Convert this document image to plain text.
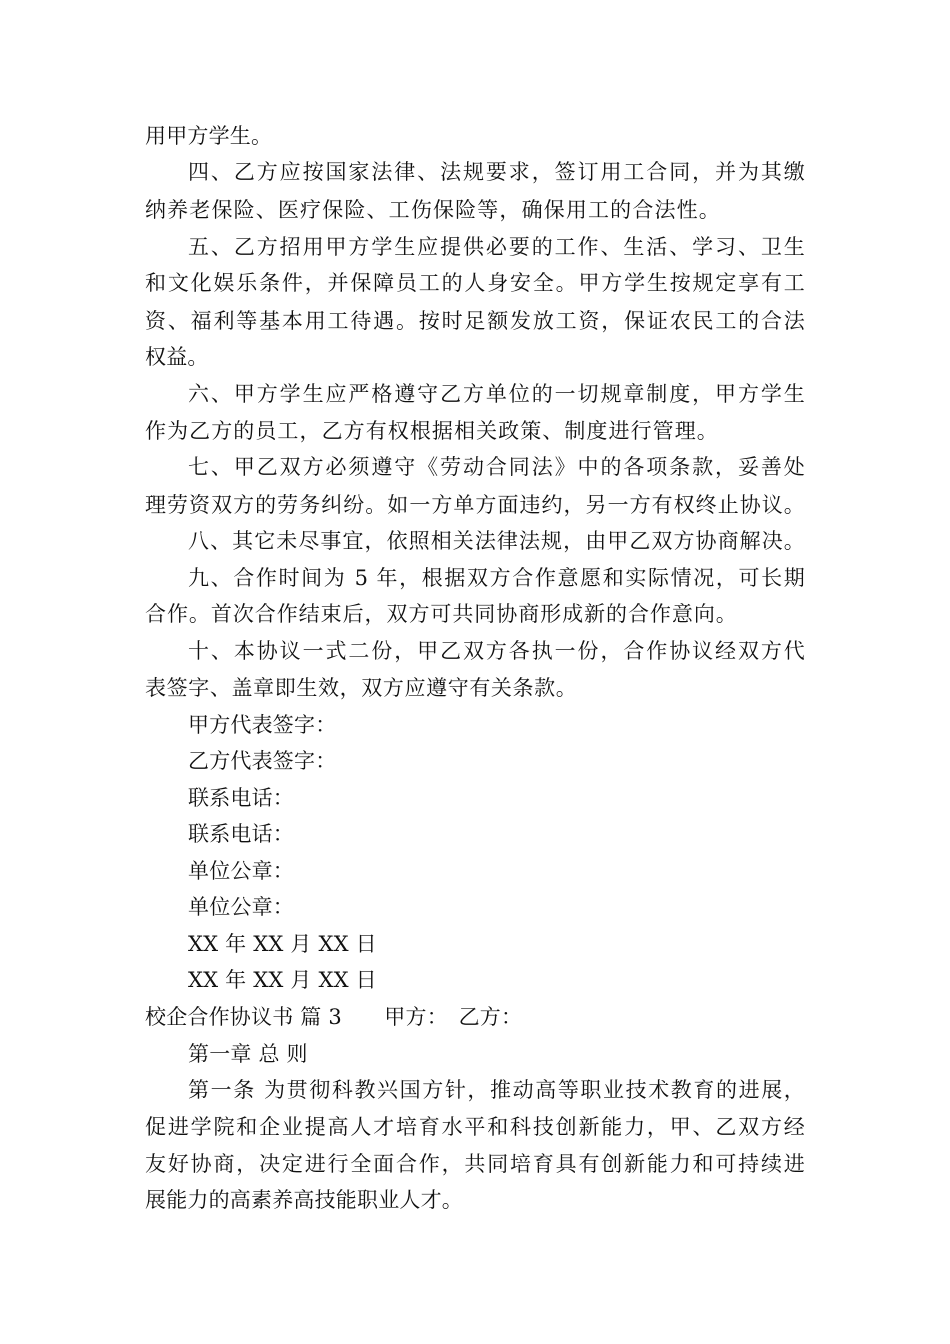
用甲方学生。
四、乙方应按国家法律、法规要求，签订用工合同，并为其缴
纳养老保险、医疗保险、工伤保险等，确保用工的合法性。
五、乙方招用甲方学生应提供必要的工作、生活、学习、卫生
和文化娱乐条件，并保障员工的人身安全。甲方学生按规定享有工
资、福利等基本用工待遇。按时足额发放工资，保证农民工的合法
权益。
六、甲方学生应严格遵守乙方单位的一切规章制度，甲方学生
作为乙方的员工，乙方有权根据相关政策、制度进行管理。
七、甲乙双方必须遵守《劳动合同法》中的各项条款，妥善处
理劳资双方的劳务纠纷。如一方单方面违约，另一方有权终止协议。
八、其它未尽事宜，依照相关法律法规，由甲乙双方协商解决。
九、合作时间为 5 年，根据双方合作意愿和实际情况，可长期
合作。首次合作结束后，双方可共同协商形成新的合作意向。
十、本协议一式二份，甲乙双方各执一份，合作协议经双方代
表签字、盖章即生效，双方应遵守有关条款。
甲方代表签字：
乙方代表签字：
联系电话：
联系电话：
单位公章：
单位公章：
XX 年 XX 月 XX 日
XX 年 XX 月 XX 日
校企合作协议书 篇 3　　甲方：　乙方：
第一章 总 则
第一条 为贯彻科教兴国方针，推动高等职业技术教育的进展，
促进学院和企业提高人才培育水平和科技创新能力，甲、乙双方经
友好协商，决定进行全面合作，共同培育具有创新能力和可持续进
展能力的高素养高技能职业人才。
